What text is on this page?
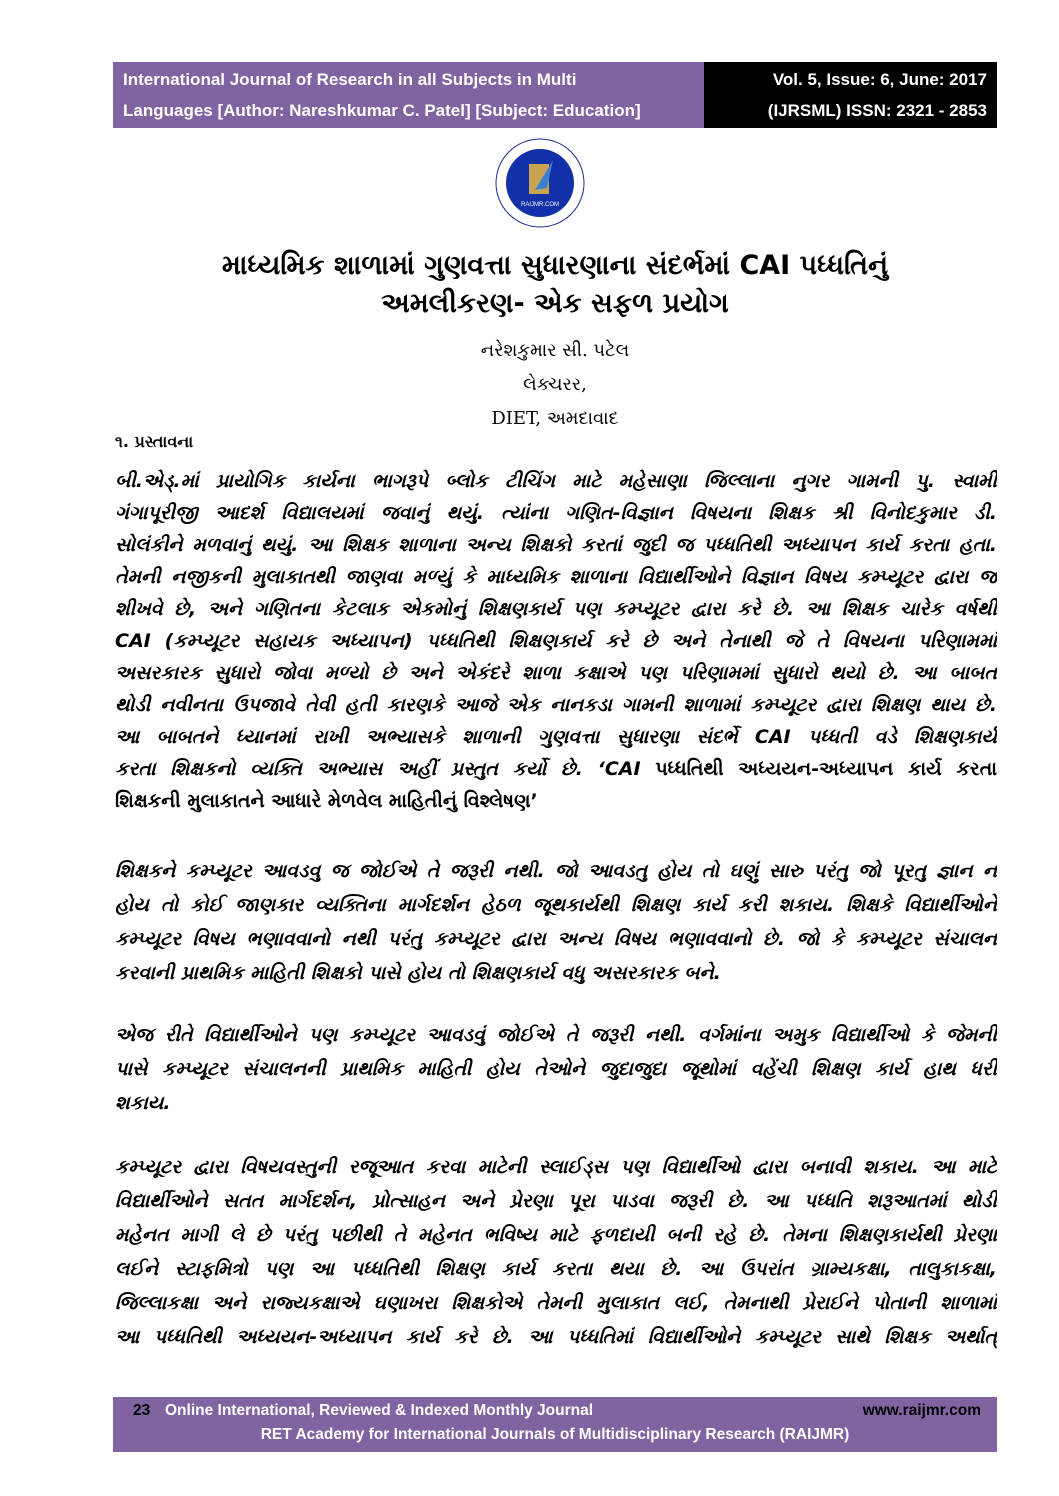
International Journal of Research in all Subjects in Multi
Languages [Author: Nareshkumar C. Patel] [Subject: Education]
Vol. 5, Issue: 6, June: 2017
(IJRSML) ISSN: 2321 - 2853
RAIJMR.COM
માધ્યમિક શાળામાં ગુણવત્તા સુધારણાના સંદર્ભમાં CAI પધ્ધતિનું
અમલીકરણ- એક સફળ પ્રયોગ
નરેશકુમાર સી. પટેલ
લેક્ચરર,
DIET, અમદાવાદ
૧. પ્રસ્તાવના
બી.એડ્.માં પ્રાયોગિક કાર્યના ભાગરૂપે બ્લોક ટીચિંગ માટે મહેસાણા જિલ્લાના નુગર ગામની પુ. સ્વામી
ગંગાપૂરીજી આદર્શ વિદ્યાલયમાં જવાનું થયું. ત્યાંના ગણિત-વિજ્ઞાન વિષયના શિક્ષક શ્રી વિનોદકુમાર ડી.
સોલંકીને મળવાનું થયું. આ શિક્ષક શાળાના અન્ય શિક્ષકો કરતાં જુદી જ પધ્ધતિથી અધ્યાપન કાર્ય કરતા હતા.
તેમની નજીકની મુલાકાતથી જાણવા મળ્યું કે માધ્યમિક શાળાના વિદ્યાર્થીઓને વિજ્ઞાન વિષય કમ્પ્યૂટર દ્વારા જ
શીખવે છે, અને ગણિતના કેટલાક એકમોનું શિક્ષણકાર્ય પણ કમ્પ્યૂટર દ્વારા કરે છે. આ શિક્ષક ચારેક વર્ષથી
CAI (કમ્પ્યૂટર સહાયક અધ્યાપન) પધ્ધતિથી શિક્ષણકાર્ય કરે છે અને તેનાથી જે તે વિષયના પરિણામમાં
અસરકારક સુધારો જોવા મળ્યો છે અને એકંદરે શાળા કક્ષાએ પણ પરિણામમાં સુધારો થયો છે. આ બાબત
થોડી નવીનતા ઉપજાવે તેવી હતી કારણકે આજે એક નાનકડા ગામની શાળામાં કમ્પ્યૂટર દ્વારા શિક્ષણ થાય છે.
આ બાબતને ધ્યાનમાં રાખી અભ્યાસકે શાળાની ગુણવત્તા સુધારણા સંદર્ભે CAI પધ્ધતી વડે શિક્ષણકાર્ય
કરતા શિક્ષકનો વ્યક્તિ અભ્યાસ અહીં પ્રસ્તુત કર્યો છે. ‘CAI પધ્ધતિથી અધ્યયન-અધ્યાપન કાર્ય કરતા
શિક્ષકની મુલાકાતને આધારે મેળવેલ માહિતીનું વિશ્લેષણ’
શિક્ષકને કમ્પ્યૂટર આવડવુ જ જોઈએ તે જરૂરી નથી. જો આવડતુ હોય તો ઘણું સારુ પરંતુ જો પૂરતુ જ્ઞાન ન
હોય તો કોઈ જાણકાર વ્યક્તિના માર્ગદર્શન હેઠળ જૂથકાર્યથી શિક્ષણ કાર્ય કરી શકાય. શિક્ષકે વિદ્યાર્થીઓને
કમ્પ્યૂટર વિષય ભણાવવાનો નથી પરંતુ કમ્પ્યૂટર દ્વારા અન્ય વિષય ભણાવવાનો છે. જો કે કમ્પ્યૂટર સંચાલન
કરવાની પ્રાથમિક માહિતી શિક્ષકો પાસે હોય તો શિક્ષણકાર્ય વધુ અસરકારક બને.
એજ રીતે વિદ્યાર્થીઓને પણ કમ્પ્યૂટર આવડવું જોઈએ તે જરૂરી નથી. વર્ગમાંના અમુક વિદ્યાર્થીઓ કે જેમની
પાસે કમ્પ્યૂટર સંચાલનની પ્રાથમિક માહિતી હોય તેઓને જુદાજુદા જૂથોમાં વહેંચી શિક્ષણ કાર્ય હાથ ધરી
શકાય.
કમ્પ્યૂટર દ્વારા વિષયવસ્તુની રજૂઆત કરવા માટેની સ્લાઈડ્સ પણ વિદ્યાર્થીઓ દ્વારા બનાવી શકાય. આ માટે
વિદ્યાર્થીઓને સતત માર્ગદર્શન, પ્રોત્સાહન અને પ્રેરણા પૂરા પાડવા જરૂરી છે. આ પધ્ધતિ શરૂઆતમાં થોડી
મહેનત માગી લે છે પરંતુ પછીથી તે મહેનત ભવિષ્ય માટે ફળદાયી બની રહે છે. તેમના શિક્ષણકાર્યથી પ્રેરણા
લઈને સ્ટાફમિત્રો પણ આ પધ્ધતિથી શિક્ષણ કાર્ય કરતા થયા છે. આ ઉપરાંત ગ્રામ્યકક્ષા, તાલુકાકક્ષા,
જિલ્લાકક્ષા અને રાજ્યકક્ષાએ ઘણાખરા શિક્ષકોએ તેમની મુલાકાત લઈ, તેમનાથી પ્રેરાઈને પોતાની શાળામાં
આ પધ્ધતિથી અધ્યયન-અધ્યાપન કાર્ય કરે છે. આ પધ્ધતિમાં વિદ્યાર્થીઓને કમ્પ્યૂટર સાથે શિક્ષક અર્થાત્
23 Online International, Reviewed & Indexed Monthly Journal	www.raijmr.com
RET Academy for International Journals of Multidisciplinary Research (RAIJMR)
